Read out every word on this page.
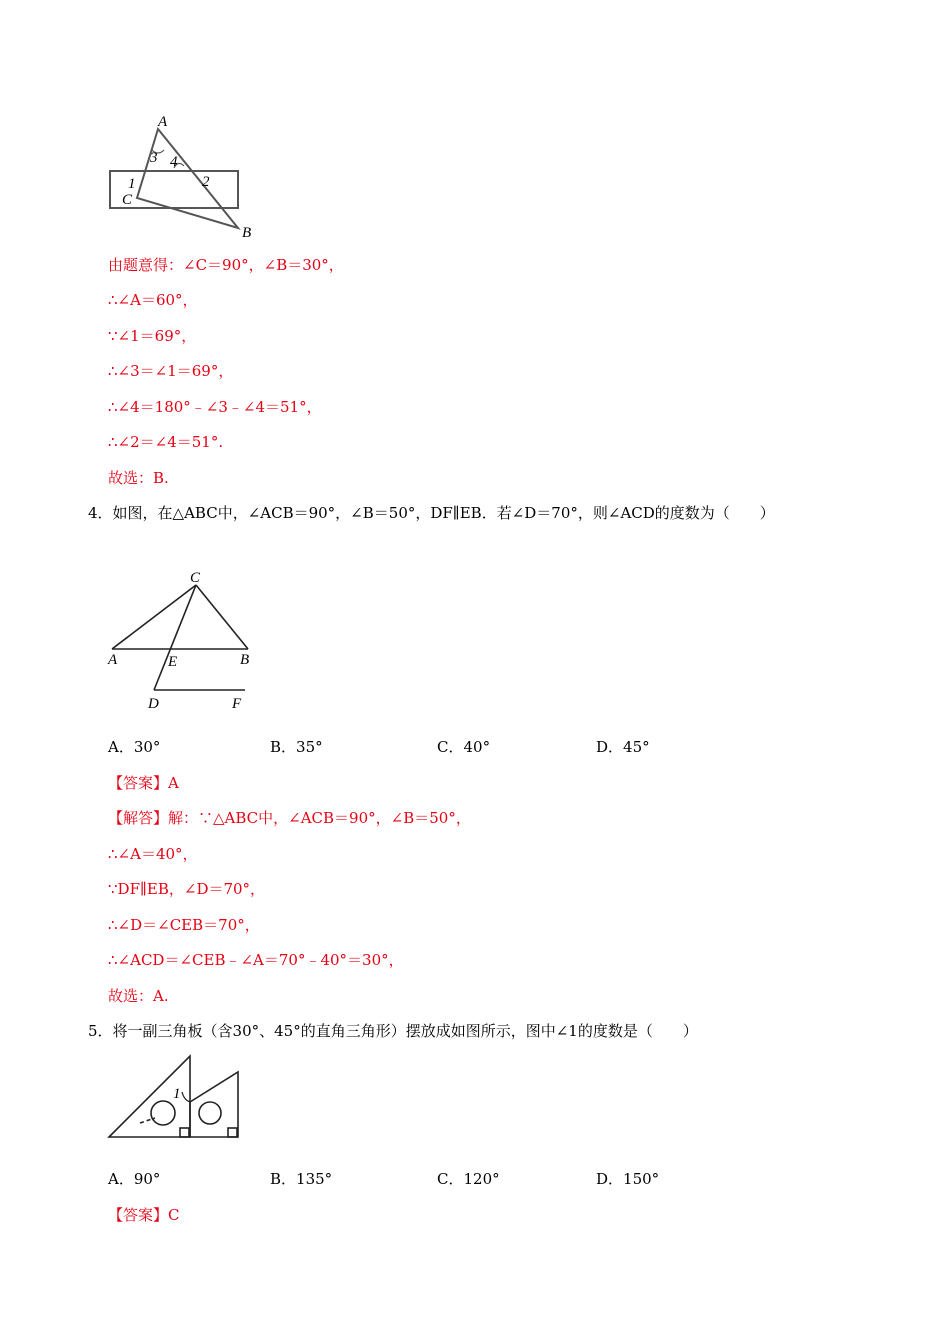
A
B
C
1	2
3 4
由题意得：∠C＝90°，∠B＝30°，
∴∠A＝60°，
∵∠1＝69°，
∴∠3＝∠1＝69°，
∴∠4＝180°﹣∠3﹣∠4＝51°，
∴∠2＝∠4＝51°.
故选：B.
4．如图，在△ABC中，∠ACB＝90°，∠B＝50°，DF∥EB．若∠D＝70°，则∠ACD的度数为（　　）
C
A	E	B
D	F
A．30°	B．35°	C．40°	D．45°
【答案】A
【解答】解：∵△ABC中，∠ACB＝90°，∠B＝50°，
∴∠A＝40°，
∵DF∥EB，∠D＝70°，
∴∠D＝∠CEB＝70°，
∴∠ACD＝∠CEB﹣∠A＝70°﹣40°＝30°，
故选：A.
5．将一副三角板（含30°、45°的直角三角形）摆放成如图所示，图中∠1的度数是（　　）
1
A．90°	B．135°	C．120°	D．150°
【答案】C
